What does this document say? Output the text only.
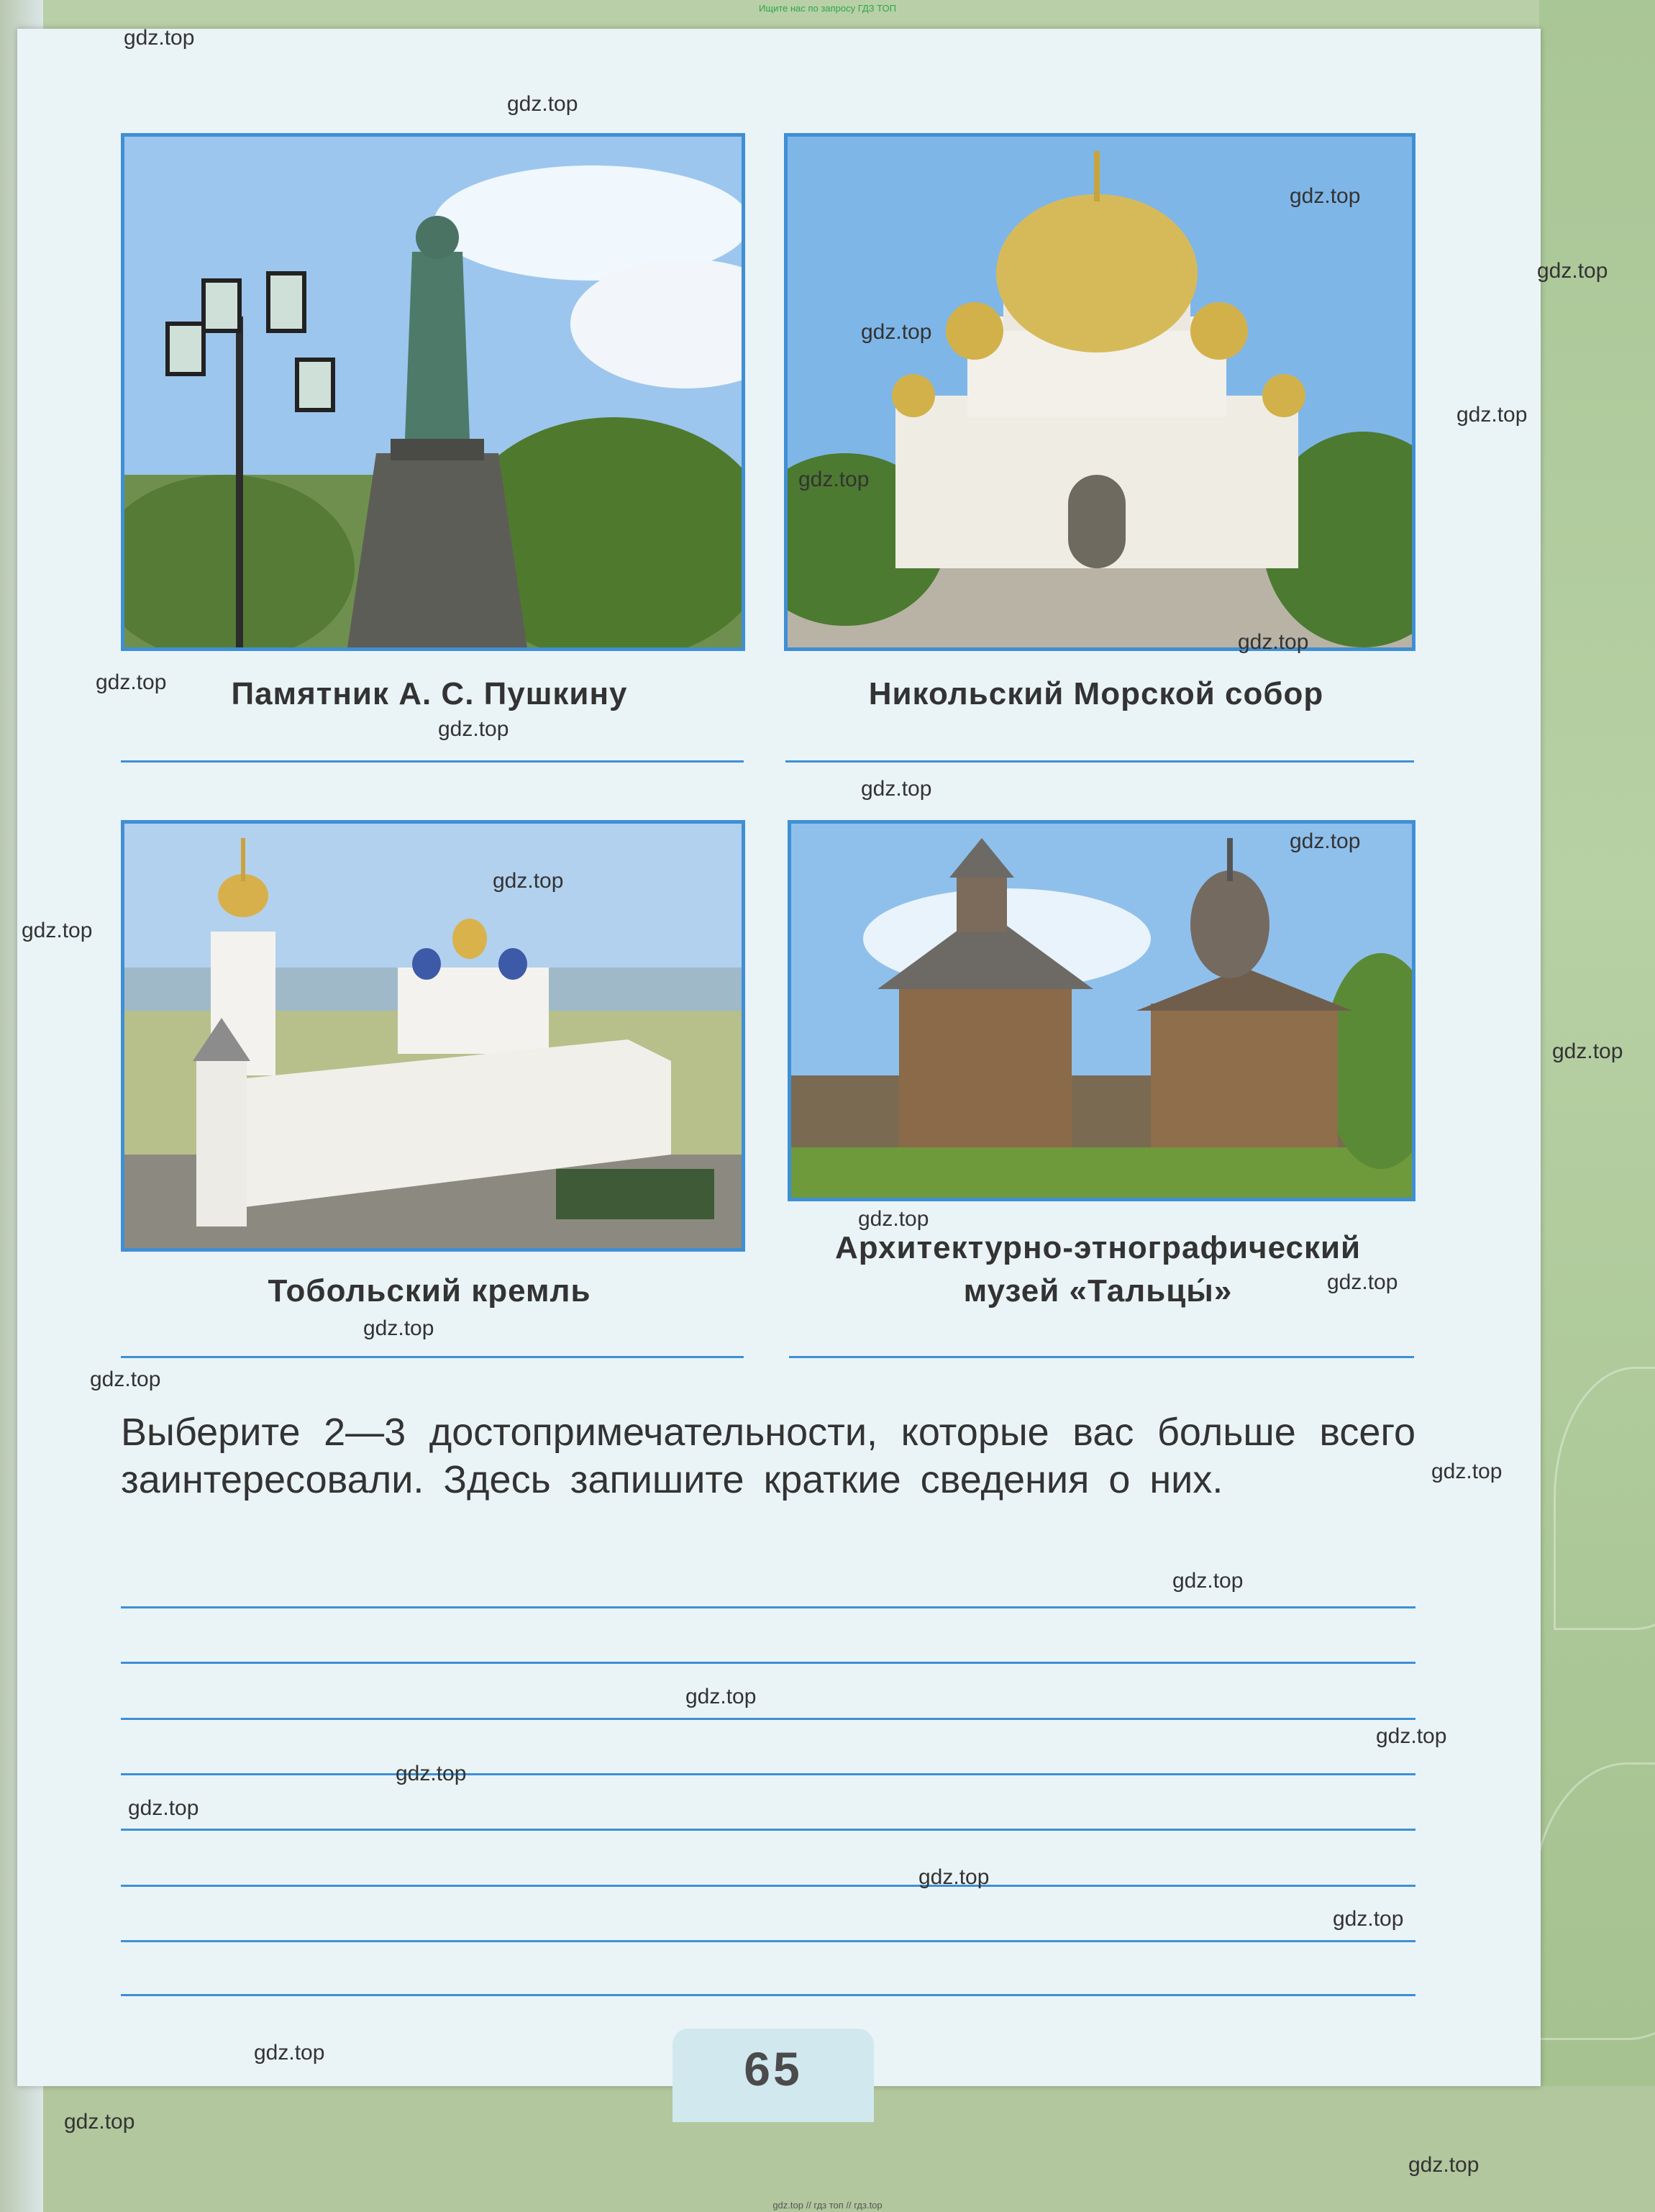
Ищите нас по запросу ГДЗ ТОП
Памятник А. С. Пушкину	Никольский Морской собор
Тобольский кремль
Архитектурно-этнографический
музей «Тальцы́»
Выберите 2—3 достопримечательности, которые вас больше всего заинтересовали. Здесь запишите краткие сведения о них.
65
gdz.top
gdz.top
gdz.top
gdz.top
gdz.top
gdz.top
gdz.top
gdz.top
gdz.top
gdz.top
gdz.top
gdz.top
gdz.top
gdz.top
gdz.top
gdz.top
gdz.top
gdz.top
gdz.top
gdz.top
gdz.top
gdz.top
gdz.top
gdz.top
gdz.top
gdz.top
gdz.top
gdz.top
gdz.top
gdz.top
gdz.top // гдз топ // гдз.top
